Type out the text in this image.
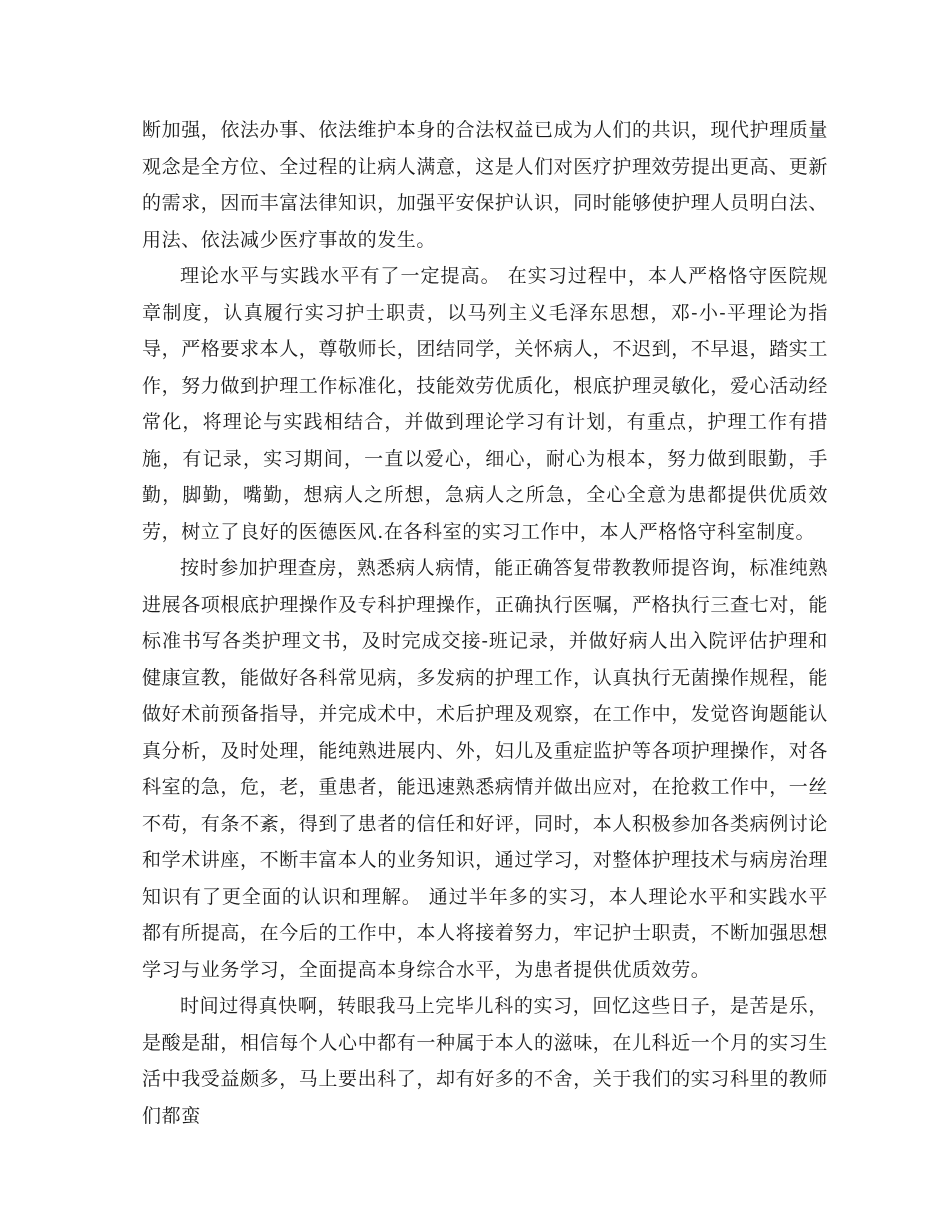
断加强，依法办事、依法维护本身的合法权益已成为人们的共识，现代护理质量观念是全方位、全过程的让病人满意，这是人们对医疗护理效劳提出更高、更新的需求，因而丰富法律知识，加强平安保护认识，同时能够使护理人员明白法、用法、依法减少医疗事故的发生。

理论水平与实践水平有了一定提高。 在实习过程中，本人严格恪守医院规章制度，认真履行实习护士职责，以马列主义毛泽东思想，邓-小-平理论为指导，严格要求本人，尊敬师长，团结同学，关怀病人，不迟到，不早退，踏实工作，努力做到护理工作标准化，技能效劳优质化，根底护理灵敏化，爱心活动经常化，将理论与实践相结合，并做到理论学习有计划，有重点，护理工作有措施，有记录，实习期间，一直以爱心，细心，耐心为根本，努力做到眼勤，手勤，脚勤，嘴勤，想病人之所想，急病人之所急，全心全意为患都提供优质效劳，树立了良好的医德医风.在各科室的实习工作中，本人严格恪守科室制度。

按时参加护理查房，熟悉病人病情，能正确答复带教教师提咨询，标准纯熟进展各项根底护理操作及专科护理操作，正确执行医嘱，严格执行三查七对，能标准书写各类护理文书，及时完成交接-班记录，并做好病人出入院评估护理和健康宣教，能做好各科常见病，多发病的护理工作，认真执行无菌操作规程，能做好术前预备指导，并完成术中，术后护理及观察，在工作中，发觉咨询题能认真分析，及时处理，能纯熟进展内、外，妇儿及重症监护等各项护理操作，对各科室的急，危，老，重患者，能迅速熟悉病情并做出应对，在抢救工作中，一丝不苟，有条不紊，得到了患者的信任和好评，同时，本人积极参加各类病例讨论和学术讲座，不断丰富本人的业务知识，通过学习，对整体护理技术与病房治理知识有了更全面的认识和理解。 通过半年多的实习，本人理论水平和实践水平都有所提高，在今后的工作中，本人将接着努力，牢记护士职责，不断加强思想学习与业务学习，全面提高本身综合水平，为患者提供优质效劳。

时间过得真快啊，转眼我马上完毕儿科的实习，回忆这些日子，是苦是乐，是酸是甜，相信每个人心中都有一种属于本人的滋味，在儿科近一个月的实习生活中我受益颇多，马上要出科了，却有好多的不舍，关于我们的实习科里的教师们都蛮
